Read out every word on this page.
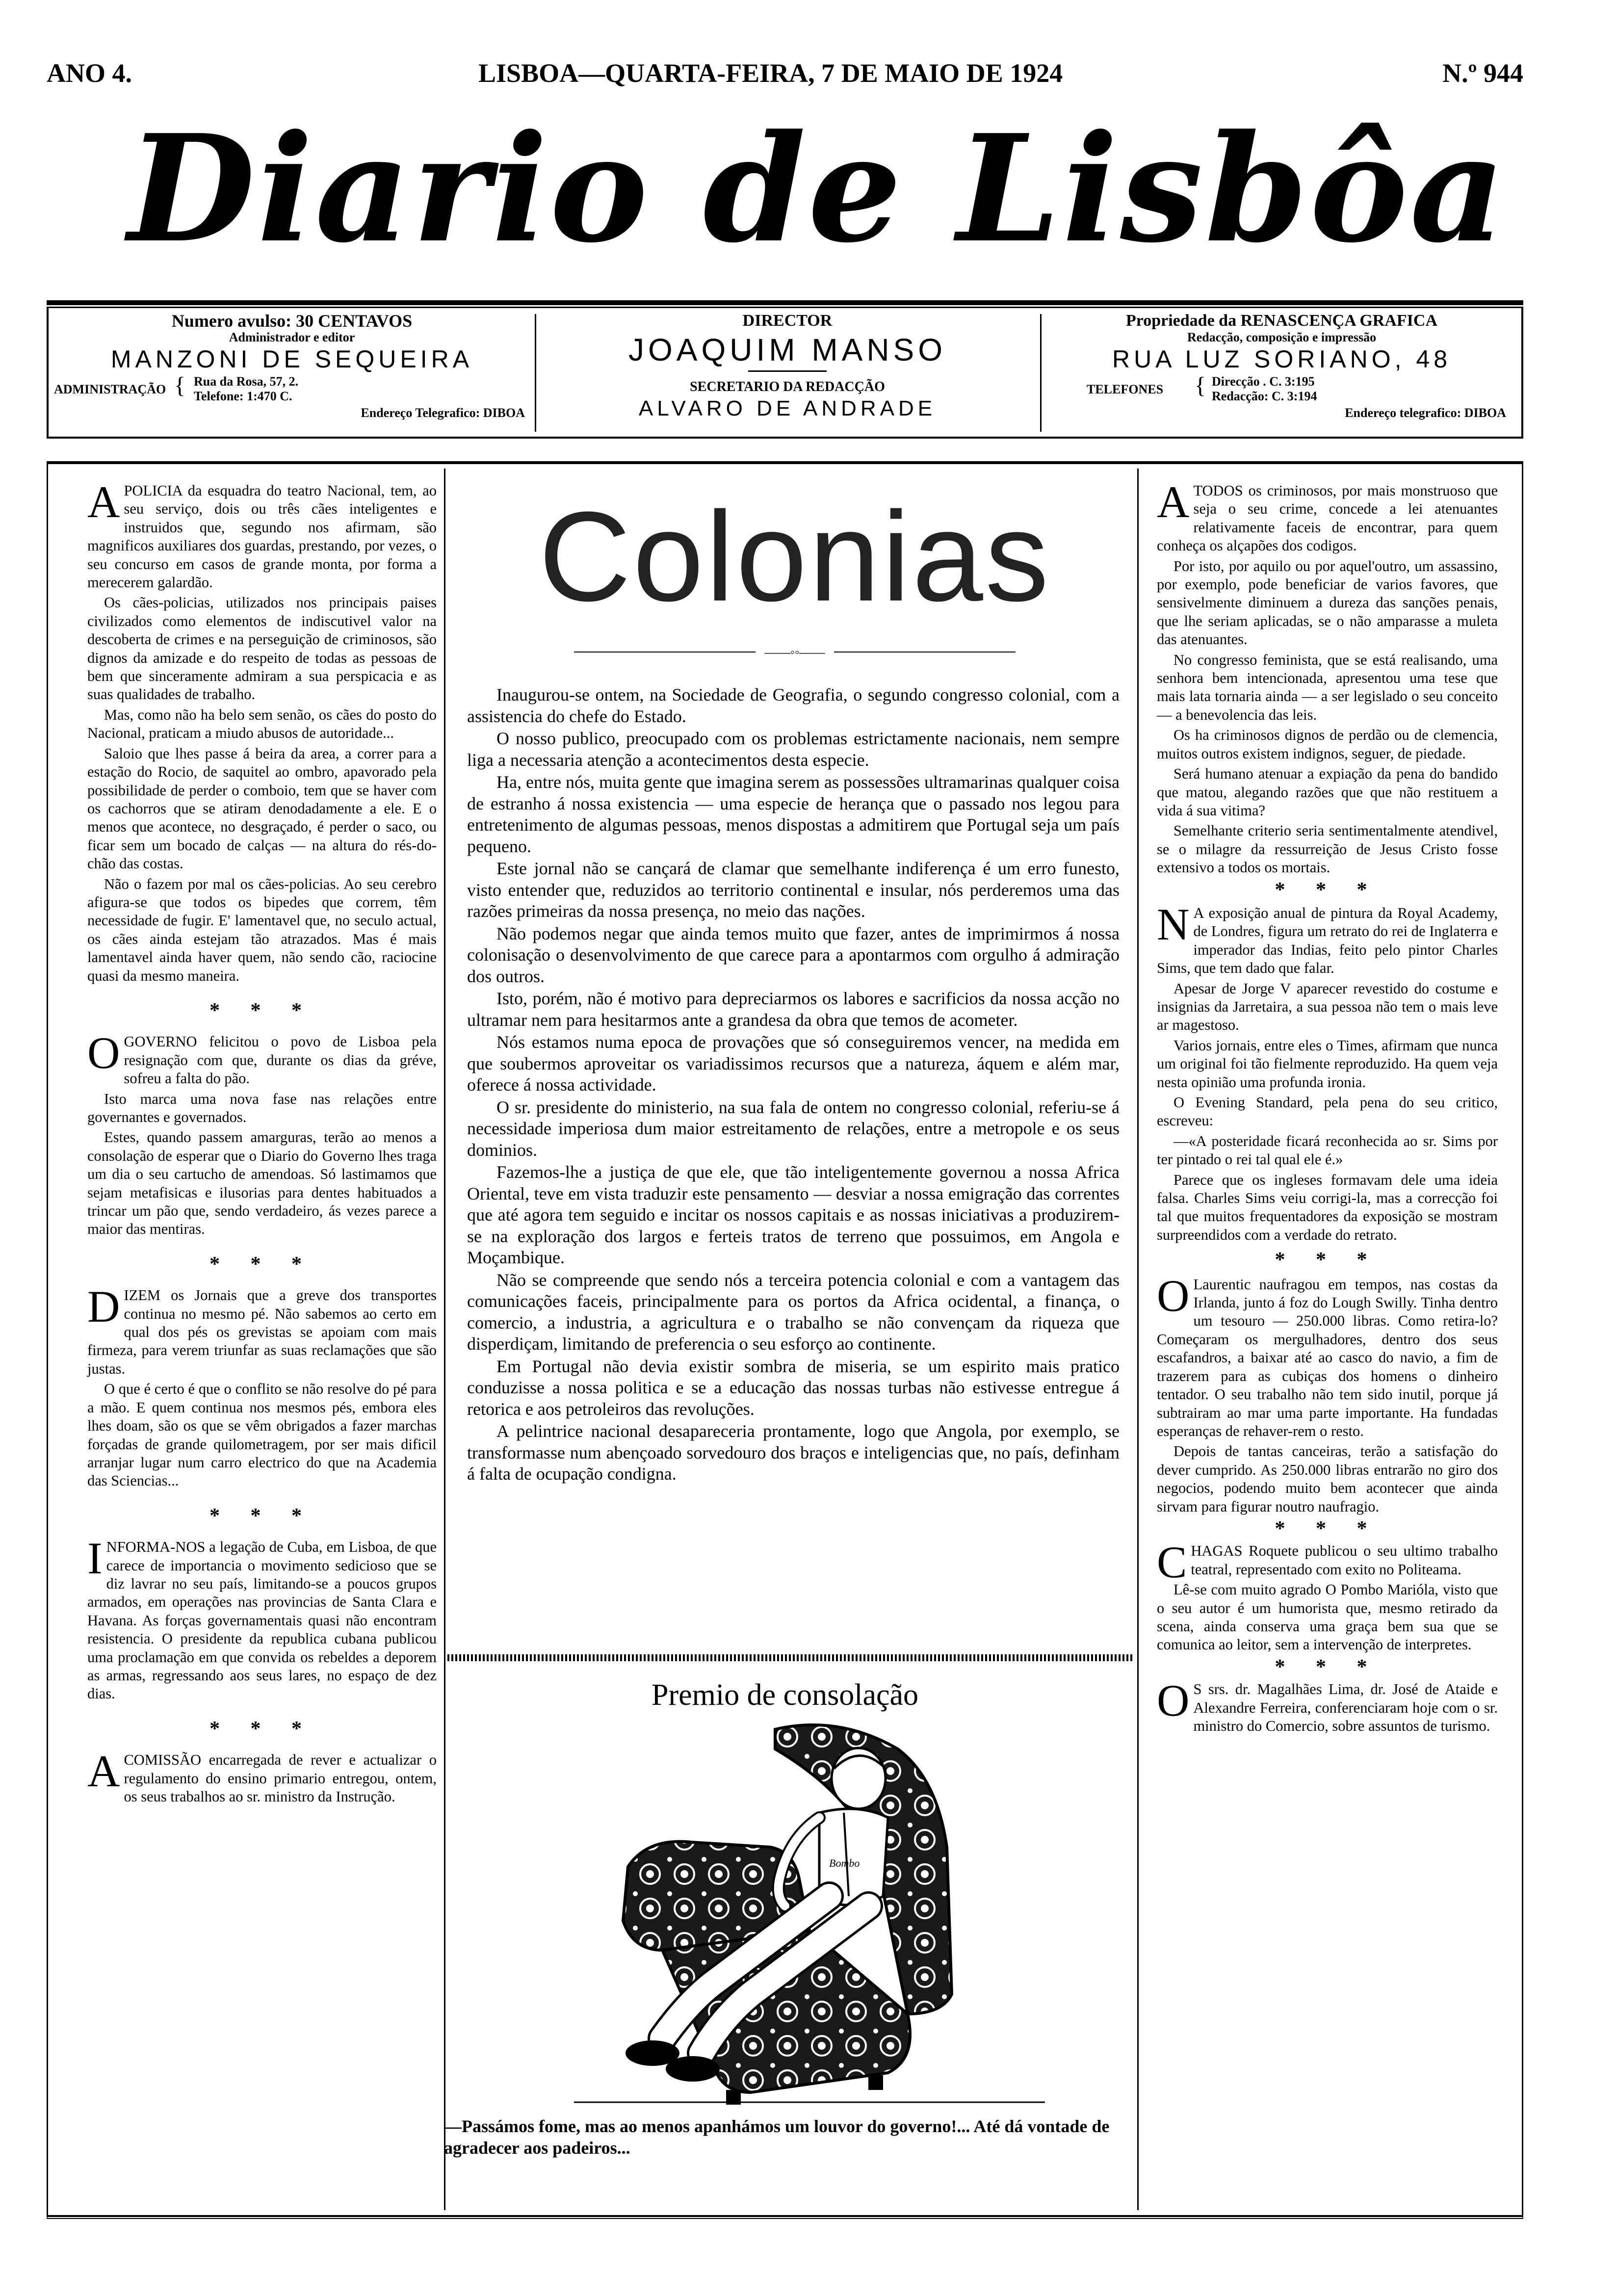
ANO 4.	LISBOA—QUARTA-FEIRA, 7 DE MAIO DE 1924	N.º 944
Diario de Lisbôa
Numero avulso: 30 CENTAVOS
Administrador e editor
MANZONI DE SEQUEIRA
ADMINISTRAÇÃO { Rua da Rosa, 57, 2.
Telefone: 1:470 C.
Endereço Telegrafico: DIBOA
DIRECTOR
JOAQUIM MANSO
SECRETARIO DA REDACÇÃO
ALVARO DE ANDRADE
Propriedade da RENASCENÇA GRAFICA
Redacção, composição e impressão
RUA LUZ SORIANO, 48
TELEFONES { Direcção . C. 3:195
Redacção: C. 3:194
Endereço telegrafico: DIBOA

APOLICIA da esquadra do teatro Nacional, tem, ao seu serviço, dois ou três cães inteligentes e instruidos que, segundo nos afirmam, são magnificos auxiliares dos guardas, prestando, por vezes, o seu concurso em casos de grande monta, por forma a merecerem galardão.

Os cães-policias, utilizados nos principais paises civilizados como elementos de indiscutivel valor na descoberta de crimes e na perseguição de criminosos, são dignos da amizade e do respeito de todas as pessoas de bem que sinceramente admiram a sua perspicacia e as suas qualidades de trabalho.

Mas, como não ha belo sem senão, os cães do posto do Nacional, praticam a miudo abusos de autoridade...

Saloio que lhes passe á beira da area, a correr para a estação do Rocio, de saquitel ao ombro, apavorado pela possibilidade de perder o comboio, tem que se haver com os cachorros que se atiram denodadamente a ele. E o menos que acontece, no desgraçado, é perder o saco, ou ficar sem um bocado de calças — na altura do rés-do-chão das costas.

Não o fazem por mal os cães-policias. Ao seu cerebro afigura-se que todos os bipedes que correm, têm necessidade de fugir. E' lamentavel que, no seculo actual, os cães ainda estejam tão atrazados. Mas é mais lamentavel ainda haver quem, não sendo cão, raciocine quasi da mesmo maneira.

* * *

OGOVERNO felicitou o povo de Lisboa pela resignação com que, durante os dias da gréve, sofreu a falta do pão.

Isto marca uma nova fase nas relações entre governantes e governados.

Estes, quando passem amarguras, terão ao menos a consolação de esperar que o Diario do Governo lhes traga um dia o seu cartucho de amendoas. Só lastimamos que sejam metafisicas e ilusorias para dentes habituados a trincar um pão que, sendo verdadeiro, ás vezes parece a maior das mentiras.

* * *

DIZEM os Jornais que a greve dos transportes continua no mesmo pé. Não sabemos ao certo em qual dos pés os grevistas se apoiam com mais firmeza, para verem triunfar as suas reclamações que são justas.

O que é certo é que o conflito se não resolve do pé para a mão. E quem continua nos mesmos pés, embora eles lhes doam, são os que se vêm obrigados a fazer marchas forçadas de grande quilometragem, por ser mais dificil arranjar lugar num carro electrico do que na Academia das Sciencias...

* * *

INFORMA-NOS a legação de Cuba, em Lisboa, de que carece de importancia o movimento sedicioso que se diz lavrar no seu país, limitando-se a poucos grupos armados, em operações nas provincias de Santa Clara e Havana. As forças governamentais quasi não encontram resistencia. O presidente da republica cubana publicou uma proclamação em que convida os rebeldes a deporem as armas, regressando aos seus lares, no espaço de dez dias.

* * *

ACOMISSÃO encarregada de rever e actualizar o regulamento do ensino primario entregou, ontem, os seus trabalhos ao sr. ministro da Instrução.

Colonias
——◦◦——

Inaugurou-se ontem, na Sociedade de Geografia, o segundo congresso colonial, com a assistencia do chefe do Estado.

O nosso publico, preocupado com os problemas estrictamente nacionais, nem sempre liga a necessaria atenção a acontecimentos desta especie.

Ha, entre nós, muita gente que imagina serem as possessões ultramarinas qualquer coisa de estranho á nossa existencia — uma especie de herança que o passado nos legou para entretenimento de algumas pessoas, menos dispostas a admitirem que Portugal seja um país pequeno.

Este jornal não se cançará de clamar que semelhante indiferença é um erro funesto, visto entender que, reduzidos ao territorio continental e insular, nós perderemos uma das razões primeiras da nossa presença, no meio das nações.

Não podemos negar que ainda temos muito que fazer, antes de imprimirmos á nossa colonisação o desenvolvimento de que carece para a apontarmos com orgulho á admiração dos outros.

Isto, porém, não é motivo para depreciarmos os labores e sacrificios da nossa acção no ultramar nem para hesitarmos ante a grandesa da obra que temos de acometer.

Nós estamos numa epoca de provações que só conseguiremos vencer, na medida em que soubermos aproveitar os variadissimos recursos que a natureza, áquem e além mar, oferece á nossa actividade.

O sr. presidente do ministerio, na sua fala de ontem no congresso colonial, referiu-se á necessidade imperiosa dum maior estreitamento de relações, entre a metropole e os seus dominios.

Fazemos-lhe a justiça de que ele, que tão inteligentemente governou a nossa Africa Oriental, teve em vista traduzir este pensamento — desviar a nossa emigração das correntes que até agora tem seguido e incitar os nossos capitais e as nossas iniciativas a produzirem-se na exploração dos largos e ferteis tratos de terreno que possuimos, em Angola e Moçambique.

Não se compreende que sendo nós a terceira potencia colonial e com a vantagem das comunicações faceis, principalmente para os portos da Africa ocidental, a finança, o comercio, a industria, a agricultura e o trabalho se não convençam da riqueza que disperdiçam, limitando de preferencia o seu esforço ao continente.

Em Portugal não devia existir sombra de miseria, se um espirito mais pratico conduzisse a nossa politica e se a educação das nossas turbas não estivesse entregue á retorica e aos petroleiros das revoluções.

A pelintrice nacional desapareceria prontamente, logo que Angola, por exemplo, se transformasse num abençoado sorvedouro dos braços e inteligencias que, no país, definham á falta de ocupação condigna.

Premio de consolação
Bombo
—Passámos fome, mas ao menos apanhámos um louvor do governo!... Até dá vontade de agradecer aos padeiros...

ATODOS os criminosos, por mais monstruoso que seja o seu crime, concede a lei atenuantes relativamente faceis de encontrar, para quem conheça os alçapões dos codigos.

Por isto, por aquilo ou por aquel'outro, um assassino, por exemplo, pode beneficiar de varios favores, que sensivelmente diminuem a dureza das sanções penais, que lhe seriam aplicadas, se o não amparasse a muleta das atenuantes.

No congresso feminista, que se está realisando, uma senhora bem intencionada, apresentou uma tese que mais lata tornaria ainda — a ser legislado o seu conceito — a benevolencia das leis.

Os ha criminosos dignos de perdão ou de clemencia, muitos outros existem indignos, seguer, de piedade.

Será humano atenuar a expiação da pena do bandido que matou, alegando razões que que não restituem a vida á sua vitima?

Semelhante criterio seria sentimentalmente atendivel, se o milagre da ressurreição de Jesus Cristo fosse extensivo a todos os mortais.

* * *

N A exposição anual de pintura da Royal Academy, de Londres, figura um retrato do rei de Inglaterra e imperador das Indias, feito pelo pintor Charles Sims, que tem dado que falar.

Apesar de Jorge V aparecer revestido do costume e insignias da Jarretaira, a sua pessoa não tem o mais leve ar magestoso.

Varios jornais, entre eles o Times, afirmam que nunca um original foi tão fielmente reproduzido. Ha quem veja nesta opinião uma profunda ironia.

O Evening Standard, pela pena do seu critico, escreveu:

—«A posteridade ficará reconhecida ao sr. Sims por ter pintado o rei tal qual ele é.»

Parece que os ingleses formavam dele uma ideia falsa. Charles Sims veiu corrigi-la, mas a correcção foi tal que muitos frequentadores da exposição se mostram surpreendidos com a verdade do retrato.

* * *

O Laurentic naufragou em tempos, nas costas da Irlanda, junto á foz do Lough Swilly. Tinha dentro um tesouro — 250.000 libras. Como retira-lo? Começaram os mergulhadores, dentro dos seus escafandros, a baixar até ao casco do navio, a fim de trazerem para as cubiças dos homens o dinheiro tentador. O seu trabalho não tem sido inutil, porque já subtrairam ao mar uma parte importante. Ha fundadas esperanças de rehaver-rem o resto.

Depois de tantas canceiras, terão a satisfação do dever cumprido. As 250.000 libras entrarão no giro dos negocios, podendo muito bem acontecer que ainda sirvam para figurar noutro naufragio.

* * *

CHAGAS Roquete publicou o seu ultimo trabalho teatral, representado com exito no Politeama.

Lê-se com muito agrado O Pombo Marióla, visto que o seu autor é um humorista que, mesmo retirado da scena, ainda conserva uma graça bem sua que se comunica ao leitor, sem a intervenção de interpretes.

* * *

O S srs. dr. Magalhães Lima, dr. José de Ataide e Alexandre Ferreira, conferenciaram hoje com o sr. ministro do Comercio, sobre assuntos de turismo.
